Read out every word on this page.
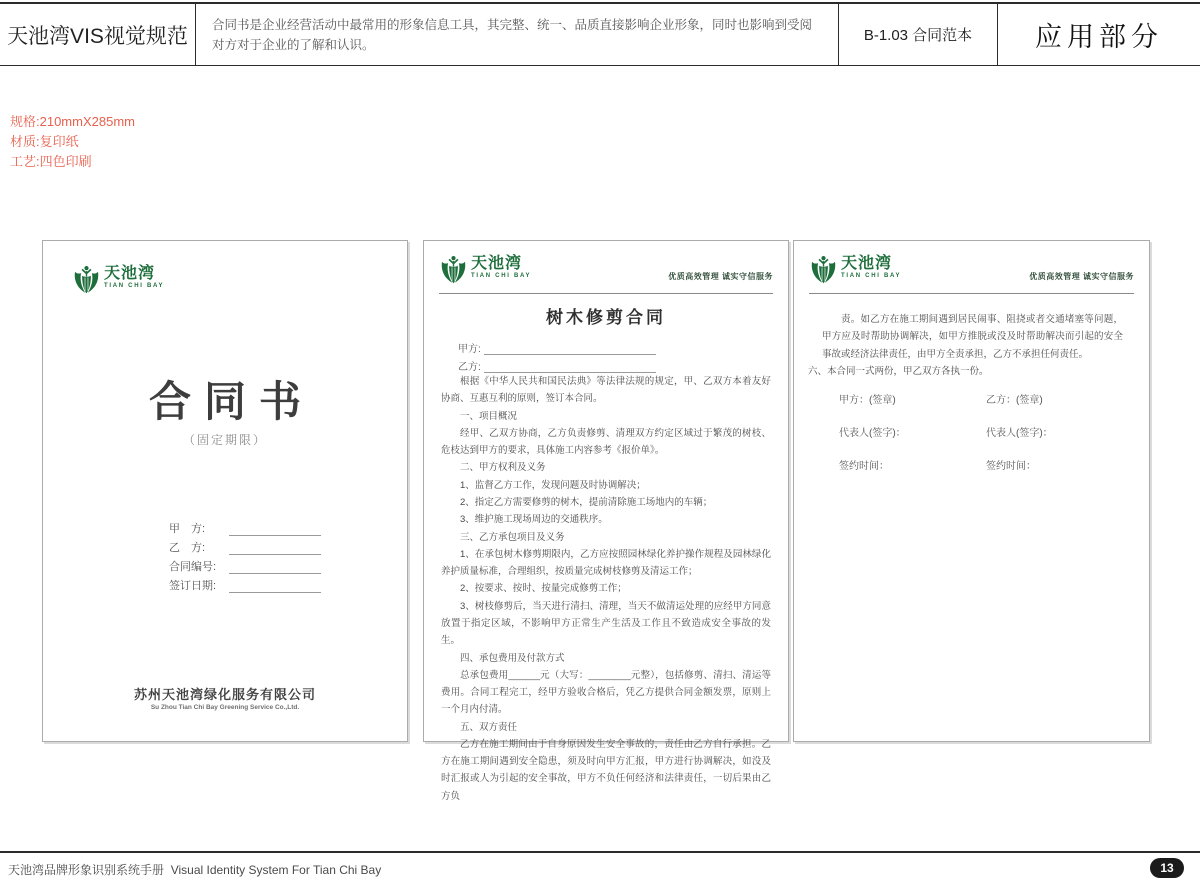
天池湾VIS视觉规范	合同书是企业经营活动中最常用的形象信息工具，其完整、统一、品质直接影响企业形象，同时也影响到受阅对方对于企业的了解和认识。
B-1.03 合同范本	应用部分
规格:210mmX285mm
材质:复印纸
工艺:四色印刷
天池湾
TIAN CHI BAY
合同书
（固定期限）
甲　方:
乙　方:
合同编号:
签订日期:
苏州天池湾绿化服务有限公司
Su Zhou Tian Chi Bay Greening Service Co.,Ltd.
天池湾
TIAN CHI BAY	优质高效管理 诚实守信服务
树木修剪合同
甲方:
乙方:

根据《中华人民共和国民法典》等法律法规的规定，甲、乙双方本着友好协商、互惠互利的原则，签订本合同。

一、项目概况

经甲、乙双方协商，乙方负责修剪、清理双方约定区域过于繁茂的树枝、危枝达到甲方的要求，具体施工内容参考《报价单》。

二、甲方权利及义务

1、监督乙方工作，发现问题及时协调解决；

2、指定乙方需要修剪的树木，提前清除施工场地内的车辆；

3、维护施工现场周边的交通秩序。

三、乙方承包项目及义务

1、在承包树木修剪期限内，乙方应按照园林绿化养护操作规程及园林绿化养护质量标准，合理组织，按质量完成树枝修剪及清运工作；

2、按要求、按时、按量完成修剪工作；

3、树枝修剪后，当天进行清扫、清理，当天不做清运处理的应经甲方同意放置于指定区域，不影响甲方正常生产生活及工作且不致造成安全事故的发生。

四、承包费用及付款方式

总承包费用______元（大写：________元整），包括修剪、清扫、清运等费用。合同工程完工，经甲方验收合格后，凭乙方提供合同金额发票，原则上一个月内付清。

五、双方责任

乙方在施工期间由于自身原因发生安全事故的，责任由乙方自行承担。乙方在施工期间遇到安全隐患，须及时向甲方汇报，甲方进行协调解决，如没及时汇报或人为引起的安全事故，甲方不负任何经济和法律责任，一切后果由乙方负

天池湾
TIAN CHI BAY	优质高效管理 诚实守信服务

责。如乙方在施工期间遇到居民闹事、阻挠或者交通堵塞等问题，甲方应及时帮助协调解决，如甲方推脱或没及时帮助解决而引起的安全事故或经济法律责任，由甲方全责承担，乙方不承担任何责任。

六、本合同一式两份，甲乙双方各执一份。

甲方：(签章)	乙方：(签章)
代表人(签字)：	代表人(签字)：
签约时间：	签约时间：
天池湾品牌形象识别系统手册 Visual Identity System For Tian Chi Bay	13
